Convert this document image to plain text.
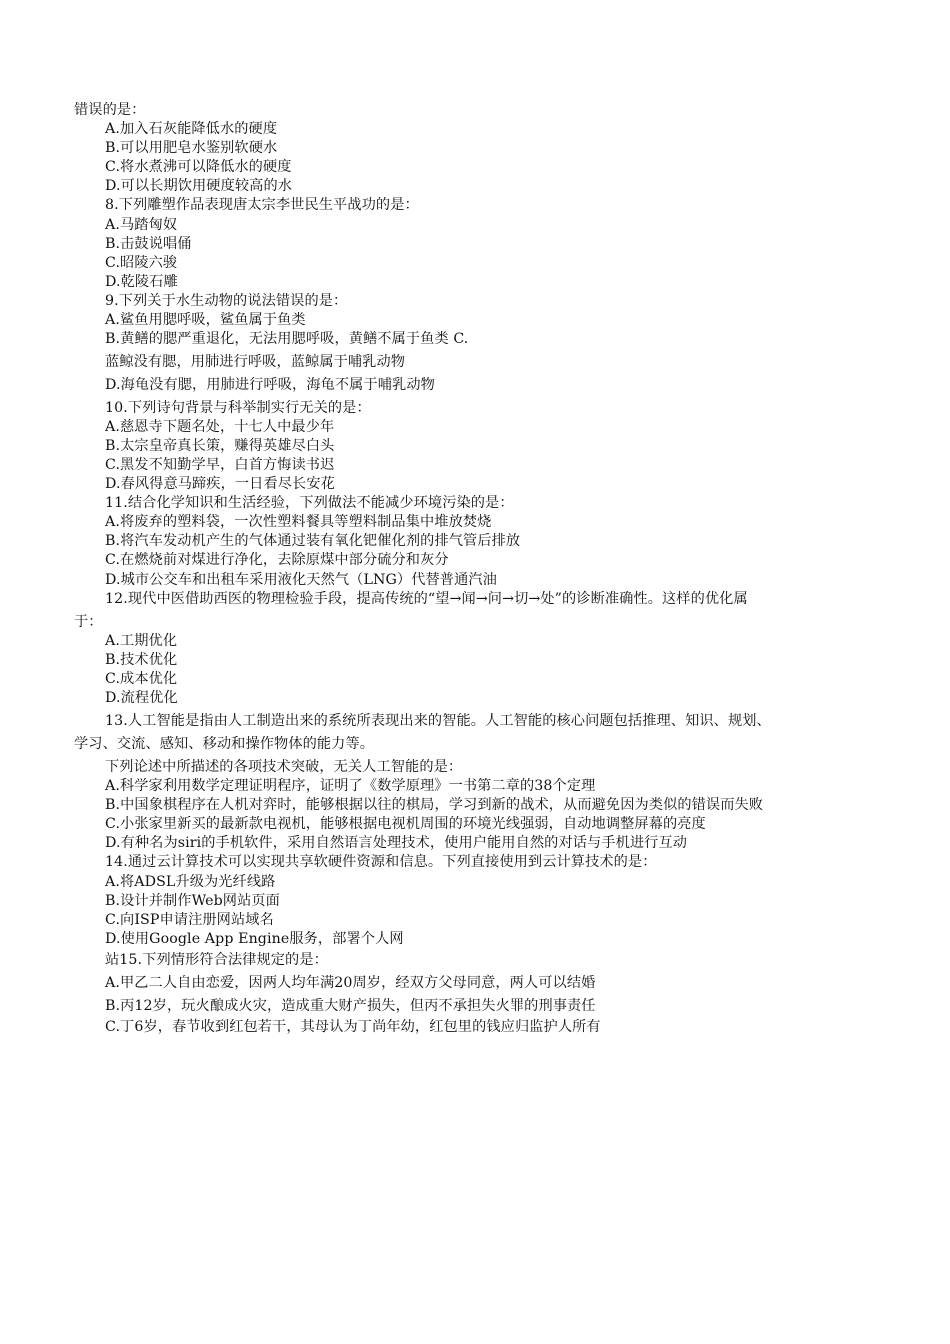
错误的是：
A.加入石灰能降低水的硬度
B.可以用肥皂水鉴别软硬水
C.将水煮沸可以降低水的硬度
D.可以长期饮用硬度较高的水
8.下列雕塑作品表现唐太宗李世民生平战功的是：
A.马踏匈奴
B.击鼓说唱俑
C.昭陵六骏
D.乾陵石雕
9.下列关于水生动物的说法错误的是：
A.鲨鱼用腮呼吸，鲨鱼属于鱼类
B.黄鳝的腮严重退化，无法用腮呼吸，黄鳝不属于鱼类 C.
蓝鲸没有腮，用肺进行呼吸，蓝鲸属于哺乳动物
D.海龟没有腮，用肺进行呼吸，海龟不属于哺乳动物
10.下列诗句背景与科举制实行无关的是：
A.慈恩寺下题名处，十七人中最少年
B.太宗皇帝真长策，赚得英雄尽白头
C.黑发不知勤学早，白首方悔读书迟
D.春风得意马蹄疾，一日看尽长安花
11.结合化学知识和生活经验，下列做法不能减少环境污染的是：
A.将废弃的塑料袋，一次性塑料餐具等塑料制品集中堆放焚烧
B.将汽车发动机产生的气体通过装有氧化钯催化剂的排气管后排放
C.在燃烧前对煤进行净化，去除原煤中部分硫分和灰分
D.城市公交车和出租车采用液化天然气（LNG）代替普通汽油
12.现代中医借助西医的物理检验手段，提高传统的“望→闻→问→切→处”的诊断准确性。这样的优化属
于：
A.工期优化
B.技术优化
C.成本优化
D.流程优化
13.人工智能是指由人工制造出来的系统所表现出来的智能。人工智能的核心问题包括推理、知识、规划、
学习、交流、感知、移动和操作物体的能力等。
下列论述中所描述的各项技术突破，无关人工智能的是：
A.科学家利用数学定理证明程序，证明了《数学原理》一书第二章的38个定理
B.中国象棋程序在人机对弈时，能够根据以往的棋局，学习到新的战术，从而避免因为类似的错误而失败
C.小张家里新买的最新款电视机，能够根据电视机周围的环境光线强弱，自动地调整屏幕的亮度
D.有种名为siri的手机软件，采用自然语言处理技术，使用户能用自然的对话与手机进行互动
14.通过云计算技术可以实现共享软硬件资源和信息。下列直接使用到云计算技术的是：
A.将ADSL升级为光纤线路
B.设计并制作Web网站页面
C.向ISP申请注册网站域名
D.使用Google App Engine服务，部署个人网
站15.下列情形符合法律规定的是：
A.甲乙二人自由恋爱，因两人均年满20周岁，经双方父母同意，两人可以结婚
B.丙12岁，玩火酿成火灾，造成重大财产损失，但丙不承担失火罪的刑事责任
C.丁6岁，春节收到红包若干，其母认为丁尚年幼，红包里的钱应归监护人所有
